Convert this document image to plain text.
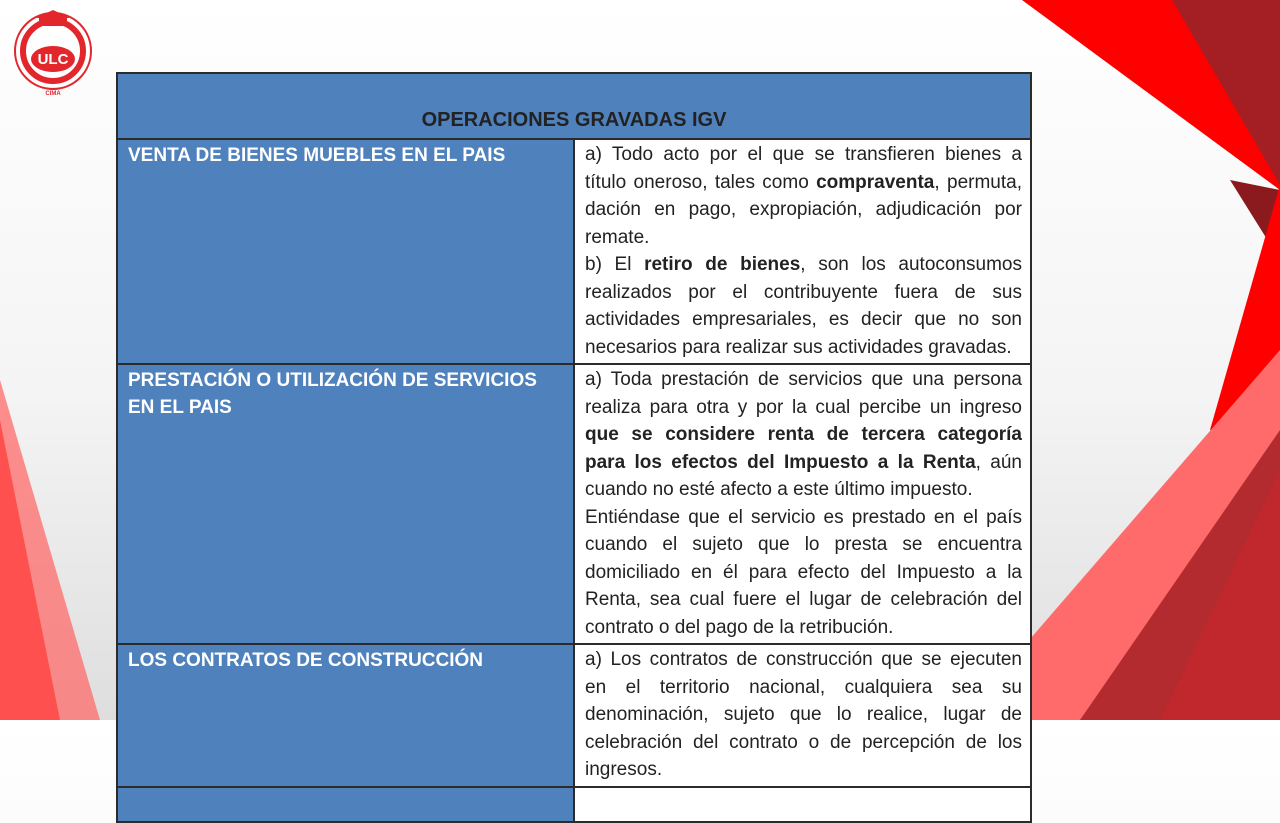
ULC
CIMA
OPERACIONES GRAVADAS IGV	
VENTA DE BIENES MUEBLES EN EL PAIS	a) Todo acto por el que se transfieren bienes a título oneroso, tales como compraventa, permuta, dación en pago, expropiación, adjudicación por remate.
b) El retiro de bienes, son los autoconsumos realizados por el contribuyente fuera de sus actividades empresariales, es decir que no son necesarios para realizar sus actividades gravadas.

PRESTACIÓN O UTILIZACIÓN DE SERVICIOS EN EL PAIS	a) Toda prestación de servicios que una persona realiza para otra y por la cual percibe un ingreso que se considere renta de tercera categoría para los efectos del Impuesto a la Renta, aún cuando no esté afecto a este último impuesto.
Entiéndase que el servicio es prestado en el país cuando el sujeto que lo presta se encuentra domiciliado en él para efecto del Impuesto a la Renta, sea cual fuere el lugar de celebración del contrato o del pago de la retribución.

LOS CONTRATOS DE CONSTRUCCIÓN	a) Los contratos de construcción que se ejecuten en el territorio nacional, cualquiera sea su denominación, sujeto que lo realice, lugar de celebración del contrato o de percepción de los ingresos.
